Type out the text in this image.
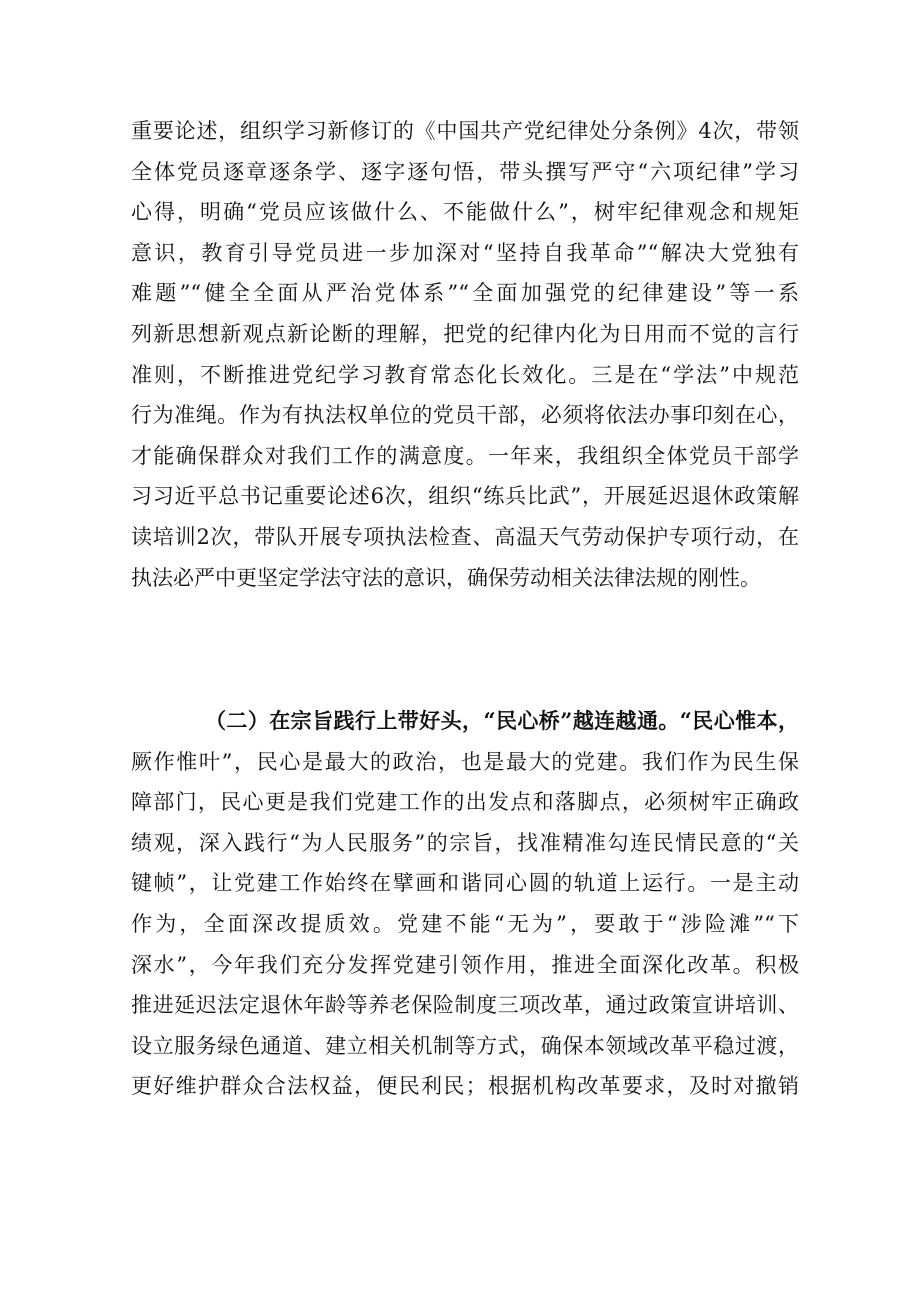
重要论述，组织学习新修订的《中国共产党纪律处分条例》4次，带领
全体党员逐章逐条学、逐字逐句悟，带头撰写严守“六项纪律”学习
心得，明确“党员应该做什么、不能做什么”，树牢纪律观念和规矩
意识，教育引导党员进一步加深对“坚持自我革命”“解决大党独有
难题”“健全全面从严治党体系”“全面加强党的纪律建设”等一系
列新思想新观点新论断的理解，把党的纪律内化为日用而不觉的言行
准则，不断推进党纪学习教育常态化长效化。三是在“学法”中规范
行为准绳。作为有执法权单位的党员干部，必须将依法办事印刻在心，
才能确保群众对我们工作的满意度。一年来，我组织全体党员干部学
习习近平总书记重要论述6次，组织“练兵比武”，开展延迟退休政策解
读培训2次，带队开展专项执法检查、高温天气劳动保护专项行动，在
执法必严中更坚定学法守法的意识，确保劳动相关法律法规的刚性。
（二）在宗旨践行上带好头，“民心桥”越连越通。“民心惟本，
厥作惟叶”，民心是最大的政治，也是最大的党建。我们作为民生保
障部门，民心更是我们党建工作的出发点和落脚点，必须树牢正确政
绩观，深入践行“为人民服务”的宗旨，找准精准勾连民情民意的“关
键帧”，让党建工作始终在擘画和谐同心圆的轨道上运行。一是主动
作为，全面深改提质效。党建不能“无为”，要敢于“涉险滩”“下
深水”，今年我们充分发挥党建引领作用，推进全面深化改革。积极
推进延迟法定退休年龄等养老保险制度三项改革，通过政策宣讲培训、
设立服务绿色通道、建立相关机制等方式，确保本领域改革平稳过渡，
更好维护群众合法权益，便民利民；根据机构改革要求，及时对撤销
